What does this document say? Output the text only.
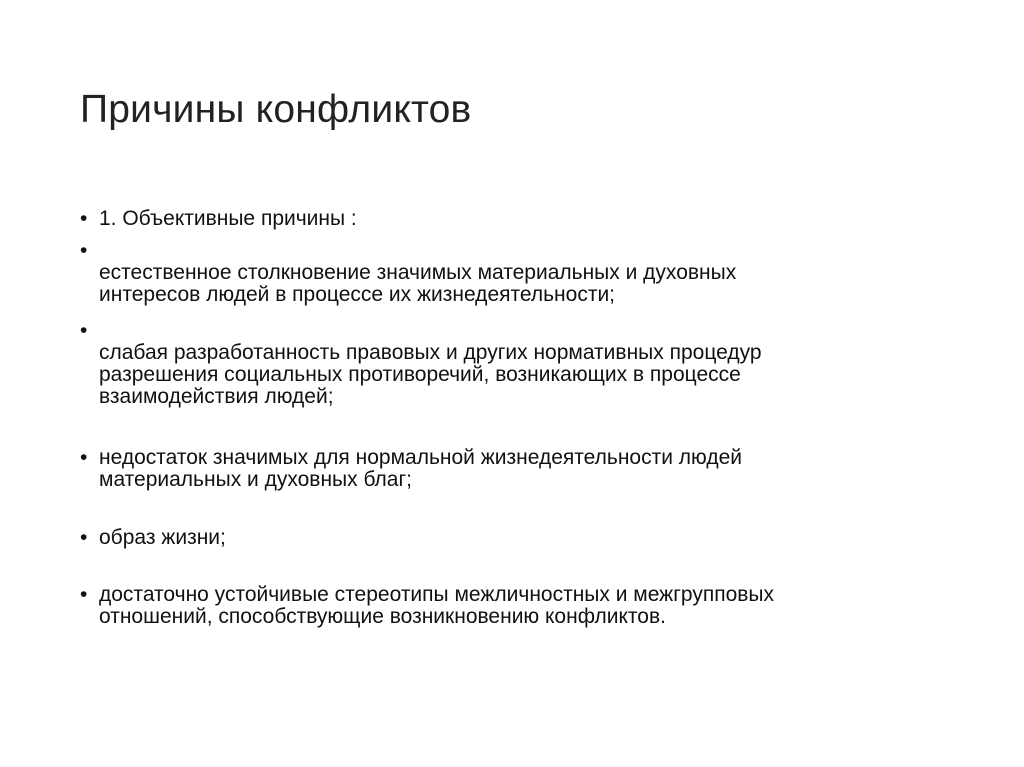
Причины конфликтов
• 1. Объективные причины :
•
естественное столкновение значимых материальных и духовных
интересов людей в процессе их жизнедеятельности;
•
слабая разработанность правовых и других нормативных процедур
разрешения социальных противоречий, возникающих в процессе
взаимодействия людей;
• недостаток значимых для нормальной жизнедеятельности людей
материальных и духовных благ;
• образ жизни;
• достаточно устойчивые стереотипы межличностных и межгрупповых
отношений, способствующие возникновению конфликтов.
